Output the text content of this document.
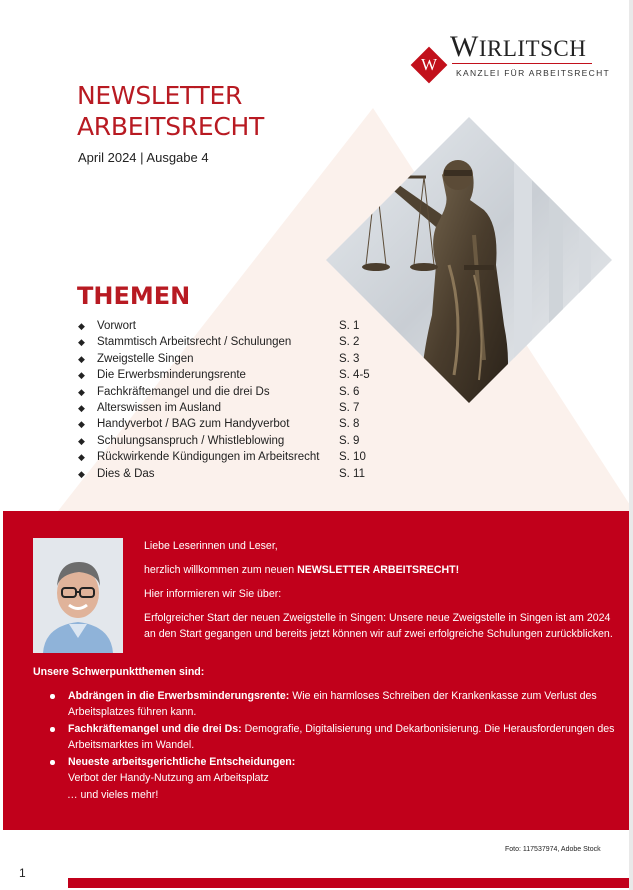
W
WIRLITSCH
KANZLEI FÜR ARBEITSRECHT
NEWSLETTER
ARBEITSRECHT
April 2024 | Ausgabe 4
THEMEN
◆ Vorwort	S. 1
◆ Stammtisch Arbeitsrecht / Schulungen	S. 2
◆ Zweigstelle Singen	S. 3
◆ Die Erwerbsminderungsrente	S. 4-5
◆ Fachkräftemangel und die drei Ds	S. 6
◆ Alterswissen im Ausland	S. 7
◆ Handyverbot / BAG zum Handyverbot	S. 8
◆ Schulungsanspruch / Whistleblowing	S. 9
◆ Rückwirkende Kündigungen im Arbeitsrecht S. 10
◆ Dies & Das	S. 11
Liebe Leserinnen und Leser,
herzlich willkommen zum neuen NEWSLETTER ARBEITSRECHT!
Hier informieren wir Sie über:
Erfolgreicher Start der neuen Zweigstelle in Singen: Unsere neue Zweigstelle in Singen ist am 2024 an den Start gegangen und bereits jetzt können wir auf zwei erfolgreiche Schulungen zurückblicken.
Unsere Schwerpunktthemen sind:
Abdrängen in die Erwerbsminderungsrente: Wie ein harmloses Schreiben der Krankenkasse zum Verlust des Arbeitsplatzes führen kann.
Fachkräftemangel und die drei Ds: Demografie, Digitalisierung und Dekarbonisierung. Die Herausforderungen des Arbeitsmarktes im Wandel.
Neueste arbeitsgerichtliche Entscheidungen:
Verbot der Handy-Nutzung am Arbeitsplatz
… und vieles mehr!
Foto: 117537974, Adobe Stock
1
